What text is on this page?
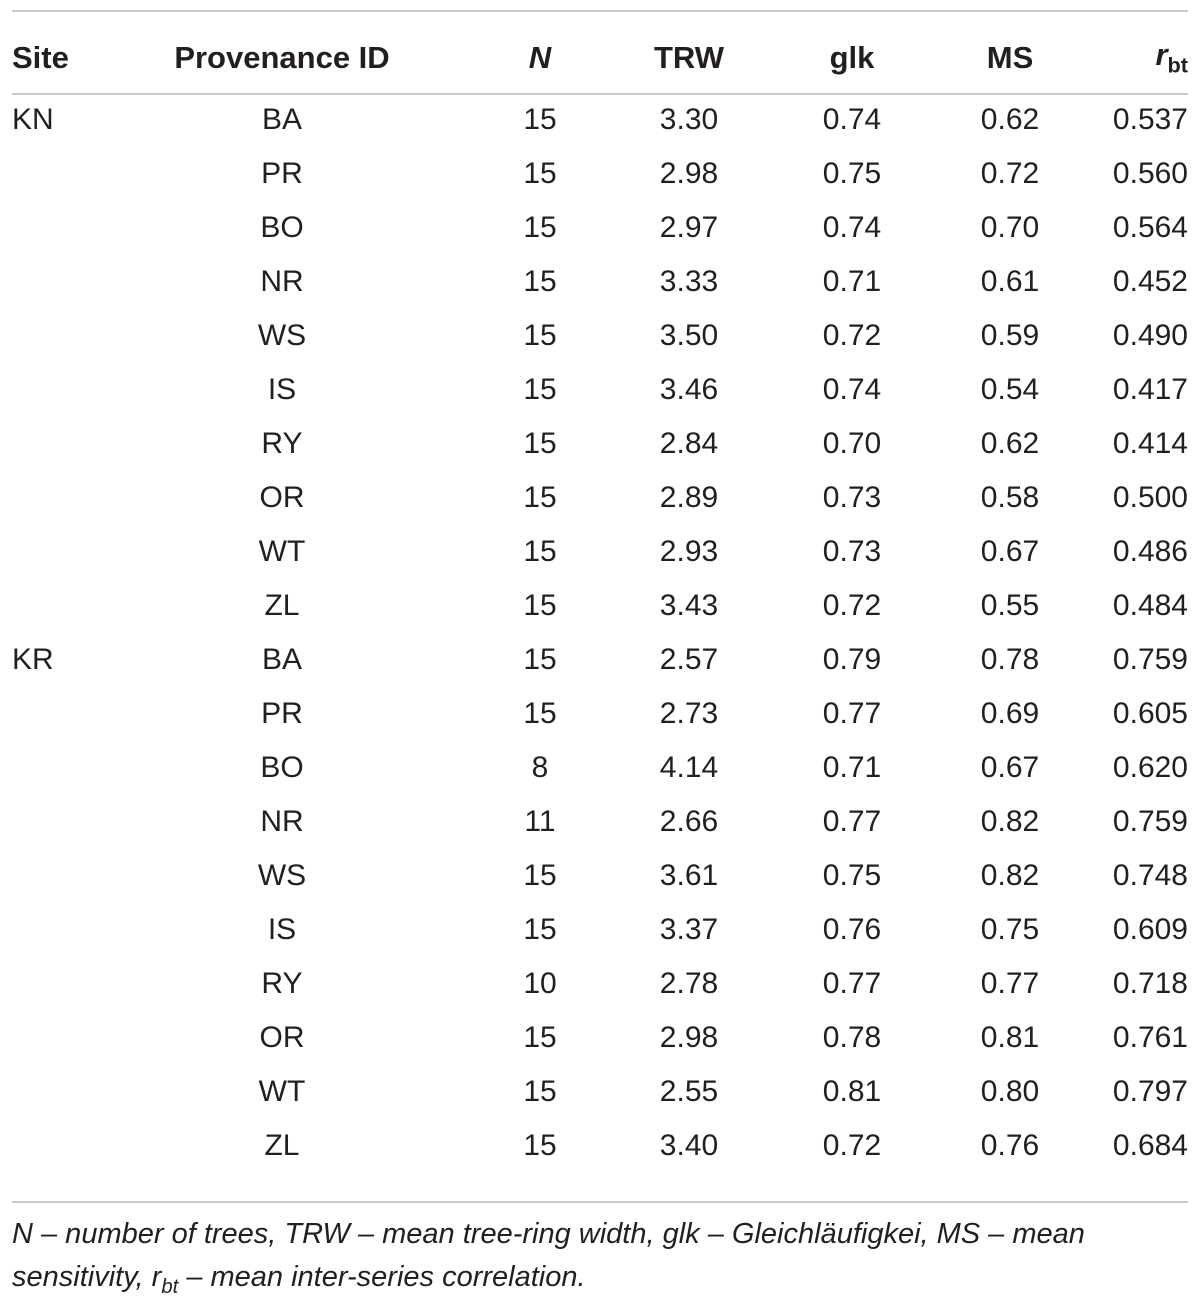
Site	Provenance ID	N	TRW	glk	MS	$r_{bt}$
KN	BA	15	3.30	0.74	0.62	0.537
	PR	15	2.98	0.75	0.72	0.560
	BO	15	2.97	0.74	0.70	0.564
	NR	15	3.33	0.71	0.61	0.452
	WS	15	3.50	0.72	0.59	0.490
	IS	15	3.46	0.74	0.54	0.417
	RY	15	2.84	0.70	0.62	0.414
	OR	15	2.89	0.73	0.58	0.500
	WT	15	2.93	0.73	0.67	0.486
	ZL	15	3.43	0.72	0.55	0.484
KR	BA	15	2.57	0.79	0.78	0.759
	PR	15	2.73	0.77	0.69	0.605
	BO	8	4.14	0.71	0.67	0.620
	NR	11	2.66	0.77	0.82	0.759
	WS	15	3.61	0.75	0.82	0.748
	IS	15	3.37	0.76	0.75	0.609
	RY	10	2.78	0.77	0.77	0.718
	OR	15	2.98	0.78	0.81	0.761
	WT	15	2.55	0.81	0.80	0.797
	ZL	15	3.40	0.72	0.76	0.684
N – number of trees, TRW – mean tree-ring width, glk – Gleichläufigkei, MS – mean sensitivity, $r_{bt}$ – mean inter-series correlation.
